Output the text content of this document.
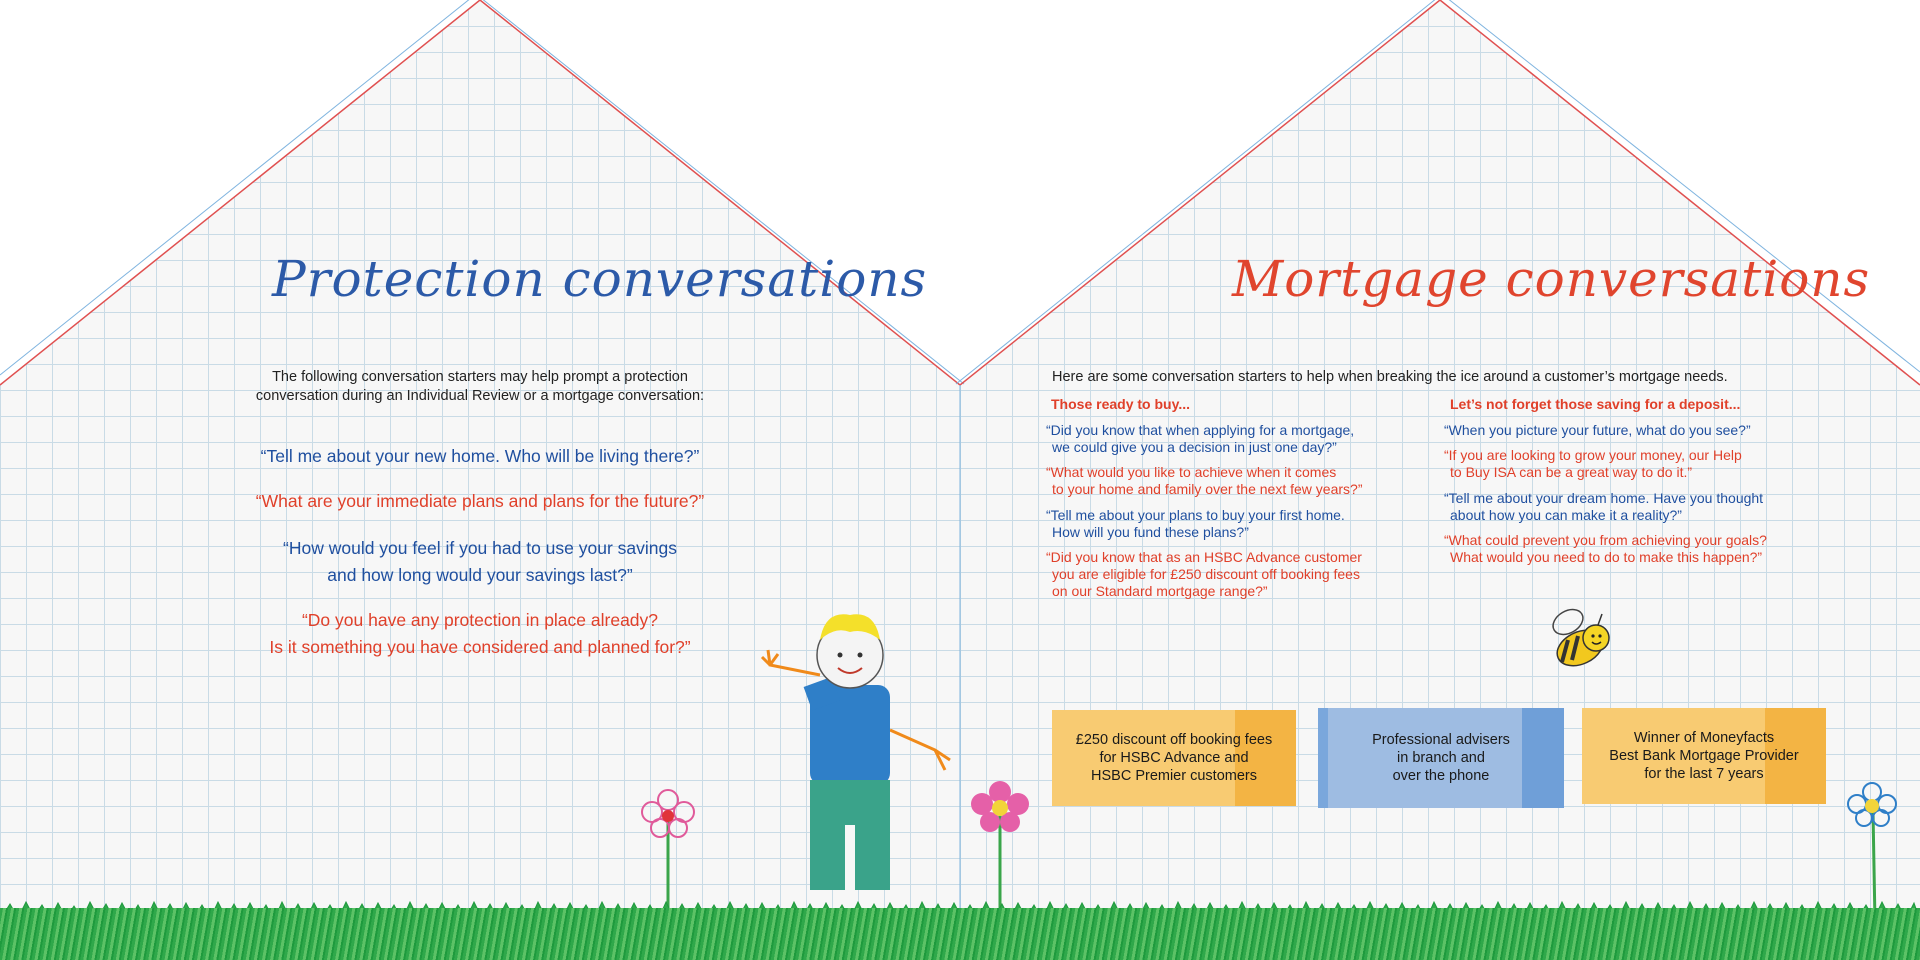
Protection conversations
The following conversation starters may help prompt a protection conversation during an Individual Review or a mortgage conversation:
“Tell me about your new home. Who will be living there?”
“What are your immediate plans and plans for the future?”
“How would you feel if you had to use your savings
and how long would your savings last?”
“Do you have any protection in place already?
Is it something you have considered and planned for?”
Mortgage conversations
Here are some conversation starters to help when breaking the ice around a customer’s mortgage needs.
Those ready to buy...
“Did you know that when applying for a mortgage,
we could give you a decision in just one day?”
“What would you like to achieve when it comes
to your home and family over the next few years?”
“Tell me about your plans to buy your first home.
How will you fund these plans?”
“Did you know that as an HSBC Advance customer
you are eligible for £250 discount off booking fees
on our Standard mortgage range?”
Let’s not forget those saving for a deposit...
“When you picture your future, what do you see?”
“If you are looking to grow your money, our Help
to Buy ISA can be a great way to do it.”
“Tell me about your dream home. Have you thought
about how you can make it a reality?”
“What could prevent you from achieving your goals?
What would you need to do to make this happen?”
£250 discount off booking fees
for HSBC Advance and
HSBC Premier customers
Professional advisers
in branch and
over the phone
Winner of Moneyfacts
Best Bank Mortgage Provider
for the last 7 years
